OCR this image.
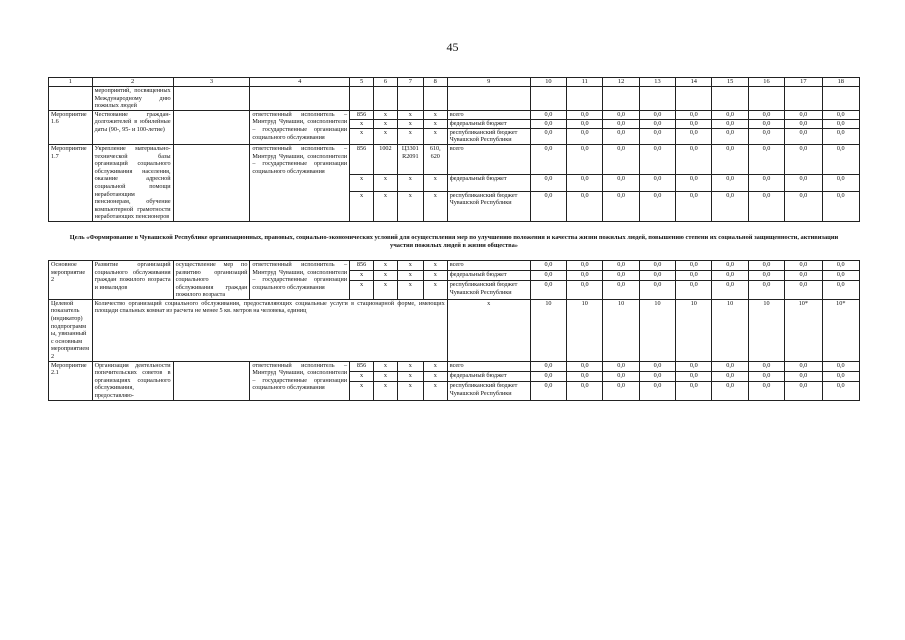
45
1	2	3	4	5	6	7	8	9	10	11	12	13	14	15	16	17	18
	мероприятий, посвященных Международному дню пожилых людей																
Мероприятие 1.6	Чествование граждан-долгожителей в юбилейные даты (90-, 95- и 100-летие)		ответственный исполнитель – Минтруд Чувашии, соисполнители – государственные организации социального обслуживания	856	x	x	x	всего	0,0	0,0	0,0	0,0	0,0	0,0	0,0	0,0	0,0
				x	x	x	x	федеральный бюджет	0,0	0,0	0,0	0,0	0,0	0,0	0,0	0,0	0,0
				x	x	x	x	республиканский бюджет Чувашской Республики	0,0	0,0	0,0	0,0	0,0	0,0	0,0	0,0	0,0
Мероприятие 1.7	Укрепление материально-технической базы организаций социального обслуживания населения, оказание адресной социальной помощи неработающим пенсионерам, обучение компьютерной грамотности неработающих пенсионеров		ответственный исполнитель – Минтруд Чувашии, соисполнители – государственные организации социального обслуживания	856	1002	Ц3301R2091	610, 620	всего	0,0	0,0	0,0	0,0	0,0	0,0	0,0	0,0	0,0
				x	x	x	x	федеральный бюджет	0,0	0,0	0,0	0,0	0,0	0,0	0,0	0,0	0,0
				x	x	x	x	республиканский бюджет Чувашской Республики	0,0	0,0	0,0	0,0	0,0	0,0	0,0	0,0	0,0
Цель «Формирование в Чувашской Республике организационных, правовых, социально-экономических условий для осуществления мер по улучшению положения и качества жизни пожилых людей, повышению степени их социальной защищенности, активизации участия пожилых людей в жизни общества»																	
Основное мероприятие 2	Развитие организаций социального обслуживания граждан пожилого возраста и инвалидов	осуществление мер по развитию организаций социального обслуживания граждан пожилого возраста	ответственный исполнитель – Минтруд Чувашии, соисполнители – государственные организации социального обслуживания	856	x	x	x	всего	0,0	0,0	0,0	0,0	0,0	0,0	0,0	0,0	0,0
				x	x	x	x	федеральный бюджет	0,0	0,0	0,0	0,0	0,0	0,0	0,0	0,0	0,0
				x	x	x	x	республиканский бюджет Чувашской Республики	0,0	0,0	0,0	0,0	0,0	0,0	0,0	0,0	0,0
Целевой показатель (индикатор) подпрограммы, увязанный с основным мероприятием 2	Количество организаций социального обслуживания, предоставляющих социальные услуги в стационарной форме, имеющих площади спальных комнат из расчета не менее 5 кв. метров на человека, единиц							x	10	10	10	10	10	10	10	10*	10*
Мероприятие 2.1	Организация деятельности попечительских советов в организациях социального обслуживания, предоставляю-		ответственный исполнитель – Минтруд Чувашии, соисполнители – государственные организации социального обслуживания	856	x	x	x	всего	0,0	0,0	0,0	0,0	0,0	0,0	0,0	0,0	0,0
				x	x	x	x	федеральный бюджет	0,0	0,0	0,0	0,0	0,0	0,0	0,0	0,0	0,0
				x	x	x	x	республиканский бюджет Чувашской Республики	0,0	0,0	0,0	0,0	0,0	0,0	0,0	0,0	0,0
